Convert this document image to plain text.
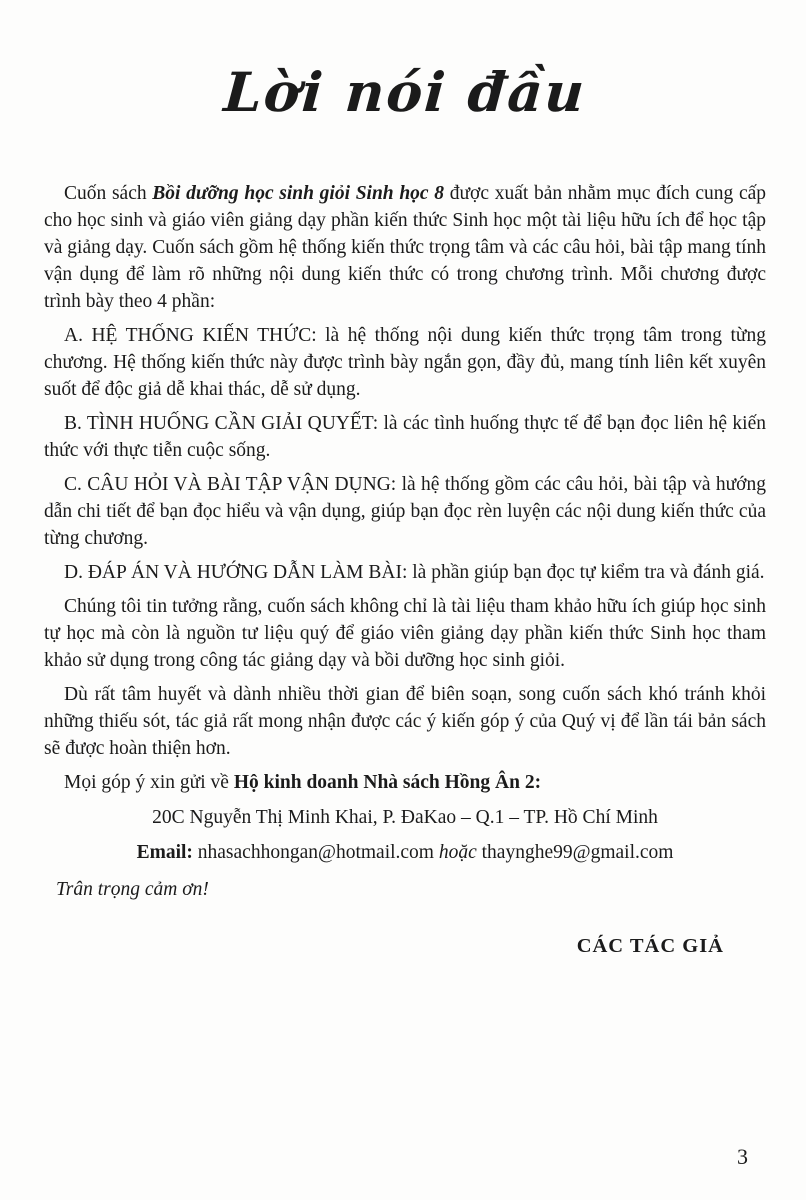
Lời nói đầu

Cuốn sách Bồi dưỡng học sinh giỏi Sinh học 8 được xuất bản nhằm mục đích cung cấp cho học sinh và giáo viên giảng dạy phần kiến thức Sinh học một tài liệu hữu ích để học tập và giảng dạy. Cuốn sách gồm hệ thống kiến thức trọng tâm và các câu hỏi, bài tập mang tính vận dụng để làm rõ những nội dung kiến thức có trong chương trình. Mỗi chương được trình bày theo 4 phần:

A. HỆ THỐNG KIẾN THỨC: là hệ thống nội dung kiến thức trọng tâm trong từng chương. Hệ thống kiến thức này được trình bày ngắn gọn, đầy đủ, mang tính liên kết xuyên suốt để độc giả dễ khai thác, dễ sử dụng.

B. TÌNH HUỐNG CẦN GIẢI QUYẾT: là các tình huống thực tế để bạn đọc liên hệ kiến thức với thực tiễn cuộc sống.

C. CÂU HỎI VÀ BÀI TẬP VẬN DỤNG: là hệ thống gồm các câu hỏi, bài tập và hướng dẫn chi tiết để bạn đọc hiểu và vận dụng, giúp bạn đọc rèn luyện các nội dung kiến thức của từng chương.

D. ĐÁP ÁN VÀ HƯỚNG DẪN LÀM BÀI: là phần giúp bạn đọc tự kiểm tra và đánh giá.

Chúng tôi tin tưởng rằng, cuốn sách không chỉ là tài liệu tham khảo hữu ích giúp học sinh tự học mà còn là nguồn tư liệu quý để giáo viên giảng dạy phần kiến thức Sinh học tham khảo sử dụng trong công tác giảng dạy và bồi dưỡng học sinh giỏi.

Dù rất tâm huyết và dành nhiều thời gian để biên soạn, song cuốn sách khó tránh khỏi những thiếu sót, tác giả rất mong nhận được các ý kiến góp ý của Quý vị để lần tái bản sách sẽ được hoàn thiện hơn.

Mọi góp ý xin gửi về Hộ kinh doanh Nhà sách Hồng Ân 2:

20C Nguyễn Thị Minh Khai, P. ĐaKao – Q.1 – TP. Hồ Chí Minh

Email: nhasachhongan@hotmail.com hoặc thaynghe99@gmail.com

Trân trọng cảm ơn!

CÁC TÁC GIẢ
3
